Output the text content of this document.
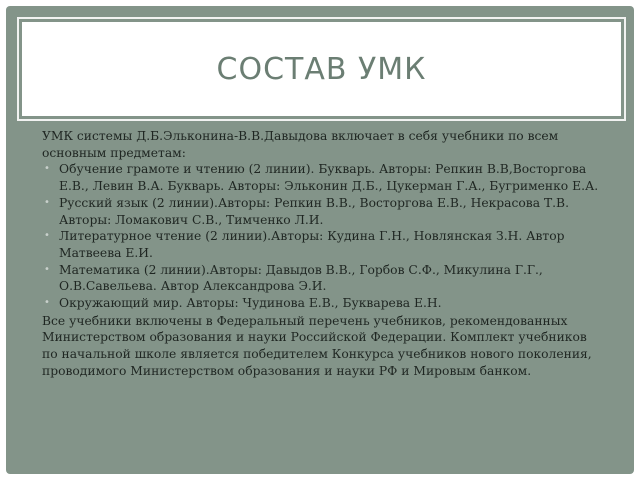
СОСТАВ УМК

УМК системы Д.Б.Эльконина-В.В.Давыдова включает в себя учебники по всем основным предметам:

• Обучение грамоте и чтению (2 линии). Букварь. Авторы: Репкин В.В,Восторгова Е.В., Левин В.А. Букварь. Авторы: Эльконин Д.Б., Цукерман Г.А., Бугрименко Е.А.
• Русский язык (2 линии).Авторы: Репкин В.В., Восторгова Е.В., Некрасова Т.В. Авторы: Ломакович С.В., Тимченко Л.И.
• Литературное чтение (2 линии).Авторы: Кудина Г.Н., Новлянская З.Н. Автор Матвеева Е.И.
• Математика (2 линии).Авторы: Давыдов В.В., Горбов С.Ф., Микулина Г.Г., О.В.Савельева. Автор Александрова Э.И.
• Окружающий мир. Авторы: Чудинова Е.В., Букварева Е.Н.

Все учебники включены в Федеральный перечень учебников, рекомендованных Министерством образования и науки Российской Федерации. Комплект учебников по начальной школе является победителем Конкурса учебников нового поколения, проводимого Министерством образования и науки РФ и Мировым банком.
